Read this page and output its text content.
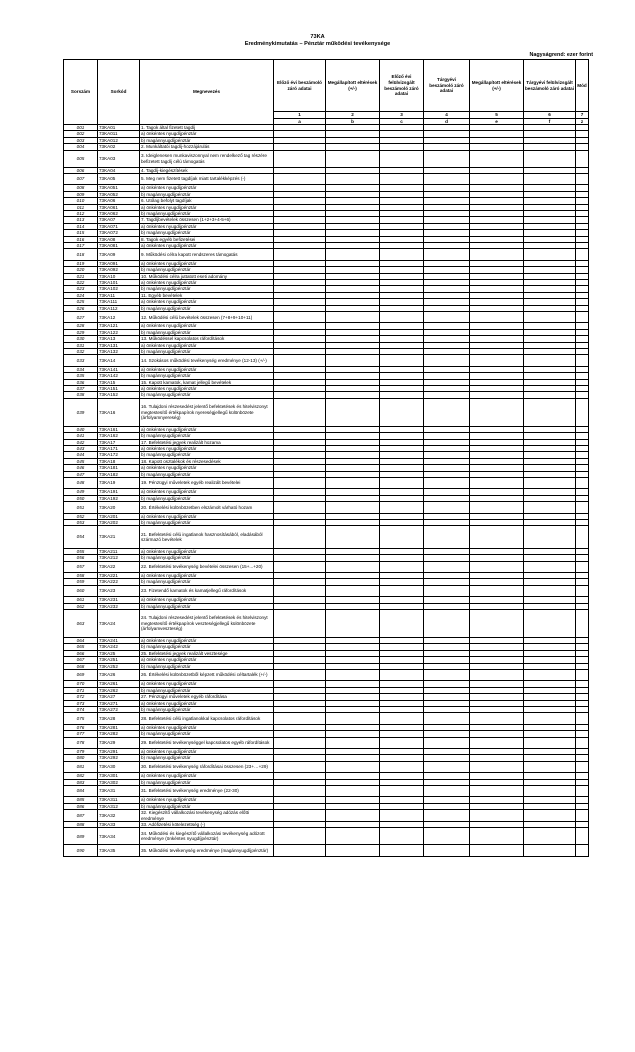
73KA
Eredménykimutatás – Pénztár működési tevékenysége
Nagyságrend: ezer forint
Sorszám	Sorkód	Megnevezés	Előző évi beszámoló záró adatai	Megállapított eltérések (+/-)	Előző évi felülvizsgált beszámoló záró adatai	Tárgyévi beszámoló záró adatai	Megállapított eltérések (+/-)	Tárgyévi felülvizsgált beszámoló záró adatai	Mód
			1	2	3	4	5	6	7
			a	b	c	d	e	f	z
001	73KA01	1. Tagok által fizetett tagdíj							
002	73KA011	a) önkéntes nyugdíjpénztár							
003	73KA012	b) magánnyugdíjpénztár							
004	73KA02	2. Munkáltatói tagdíj-hozzájárulás							
005	73KA03	3. Ideiglenesen munkaviszonnyal nem rendelkező tag részére befizetett tagdíj célú támogatás							
006	73KA04	4. Tagdíj-kiegészítések							
007	73KA05	5. Meg nem fizetett tagdíjak miatt tartalékképzés (-)							
008	73KA051	a) önkéntes nyugdíjpénztár							
009	73KA052	b) magánnyugdíjpénztár							
010	73KA06	6. Utólag befolyt tagdíjak							
011	73KA061	a) önkéntes nyugdíjpénztár							
012	73KA062	b) magánnyugdíjpénztár							
013	73KA07	7. Tagdíjbevételek összesen (1+2+3+4-5+6)							
014	73KA071	a) önkéntes nyugdíjpénztár							
015	73KA072	b) magánnyugdíjpénztár							
016	73KA08	8. Tagok egyéb befizetései							
017	73KA081	a) önkéntes nyugdíjpénztár							
018	73KA09	9. Működési célra kapott rendszeres támogatás							
019	73KA091	a) önkéntes nyugdíjpénztár							
020	73KA092	b) magánnyugdíjpénztár							
021	73KA10	10. Működési célra juttatott eseti adomány							
022	73KA101	a) önkéntes nyugdíjpénztár							
023	73KA102	b) magánnyugdíjpénztár							
024	73KA11	11. Egyéb bevételek							
025	73KA111	a) önkéntes nyugdíjpénztár							
026	73KA112	b) magánnyugdíjpénztár							
027	73KA12	12. Működési célú bevételek összesen (7+8+9+10+11)							
028	73KA121	a) önkéntes nyugdíjpénztár							
029	73KA122	b) magánnyugdíjpénztár							
030	73KA13	13. Működéssel kapcsolatos ráfordítások							
031	73KA131	a) önkéntes nyugdíjpénztár							
032	73KA132	b) magánnyugdíjpénztár							
033	73KA14	14. Szokásos működési tevékenység eredménye (12-13) (+/-)							
034	73KA141	a) önkéntes nyugdíjpénztár							
035	73KA142	b) magánnyugdíjpénztár							
036	73KA15	15. Kapott kamatok, kamat jellegű bevételek							
037	73KA151	a) önkéntes nyugdíjpénztár							
038	73KA152	b) magánnyugdíjpénztár							
039	73KA16	16. Tulajdoni részesedést jelentő befektetések és hitelviszonyt megtestesítő értékpapírok nyereségjellegű különbözete (árfolyamnyereség)							
040	73KA161	a) önkéntes nyugdíjpénztár							
041	73KA162	b) magánnyugdíjpénztár							
042	73KA17	17. Befektetési jegyek realizált hozama							
043	73KA171	a) önkéntes nyugdíjpénztár							
044	73KA172	b) magánnyugdíjpénztár							
045	73KA18	18. Kapott osztalékok és részesedések							
046	73KA181	a) önkéntes nyugdíjpénztár							
047	73KA182	b) magánnyugdíjpénztár							
048	73KA19	19. Pénzügyi műveletek egyéb realizált bevételei							
049	73KA191	a) önkéntes nyugdíjpénztár							
050	73KA192	b) magánnyugdíjpénztár							
051	73KA20	20. Értékelési különbözetben elszámolt várható hozam							
052	73KA201	a) önkéntes nyugdíjpénztár							
053	73KA202	b) magánnyugdíjpénztár							
054	73KA21	21. Befektetési célú ingatlanok hasznosításából, eladásából származó bevételek							
055	73KA211	a) önkéntes nyugdíjpénztár							
056	73KA212	b) magánnyugdíjpénztár							
057	73KA22	22. Befektetési tevékenység bevételei összesen (15+...+20)							
058	73KA221	a) önkéntes nyugdíjpénztár							
059	73KA222	b) magánnyugdíjpénztár							
060	73KA23	23. Fizetendő kamatok és kamatjellegű ráfordítások							
061	73KA231	a) önkéntes nyugdíjpénztár							
062	73KA232	b) magánnyugdíjpénztár							
063	73KA24	24. Tulajdoni részesedést jelentő befektetések és hitelviszonyt megtestesítő értékpapírok veszteségjellegű különbözete (árfolyamveszteség)							
064	73KA241	a) önkéntes nyugdíjpénztár							
065	73KA242	b) magánnyugdíjpénztár							
066	73KA25	25. Befektetési jegyek realizált vesztesége							
067	73KA251	a) önkéntes nyugdíjpénztár							
068	73KA252	b) magánnyugdíjpénztár							
069	73KA26	26. Értékelési különbözetből képzett működési céltartalék (+/-)							
070	73KA261	a) önkéntes nyugdíjpénztár							
071	73KA262	b) magánnyugdíjpénztár							
072	73KA27	27. Pénzügyi műveletek egyéb ráfordítása							
073	73KA271	a) önkéntes nyugdíjpénztár							
074	73KA272	b) magánnyugdíjpénztár							
075	73KA28	28. Befektetési célú ingatlanokkal kapcsolatos ráfordítások							
076	73KA281	a) önkéntes nyugdíjpénztár							
077	73KA282	b) magánnyugdíjpénztár							
078	73KA29	29. Befektetési tevékenységgel kapcsolatos egyéb ráfordítások							
079	73KA291	a) önkéntes nyugdíjpénztár							
080	73KA292	b) magánnyugdíjpénztár							
081	73KA30	30. Befektetési tevékenység ráfordításai összesen (23+…+29)							
082	73KA301	a) önkéntes nyugdíjpénztár							
083	73KA302	b) magánnyugdíjpénztár							
084	73KA31	31. Befektetési tevékenység eredménye (22-30)							
085	73KA311	a) önkéntes nyugdíjpénztár							
086	73KA312	b) magánnyugdíjpénztár							
087	73KA32	32. Kiegészítő vállalkozási tevékenység adózás előtti eredménye							
088	73KA33	33. Adófizetési kötelezettség (-)							
089	73KA34	34. Működési és kiegészítő vállalkozási tevékenység adózott eredménye (önkéntes nyugdíjpénztár)							
090	73KA35	35. Működési tevékenység eredménye (magánnyugdíjpénztár)							
